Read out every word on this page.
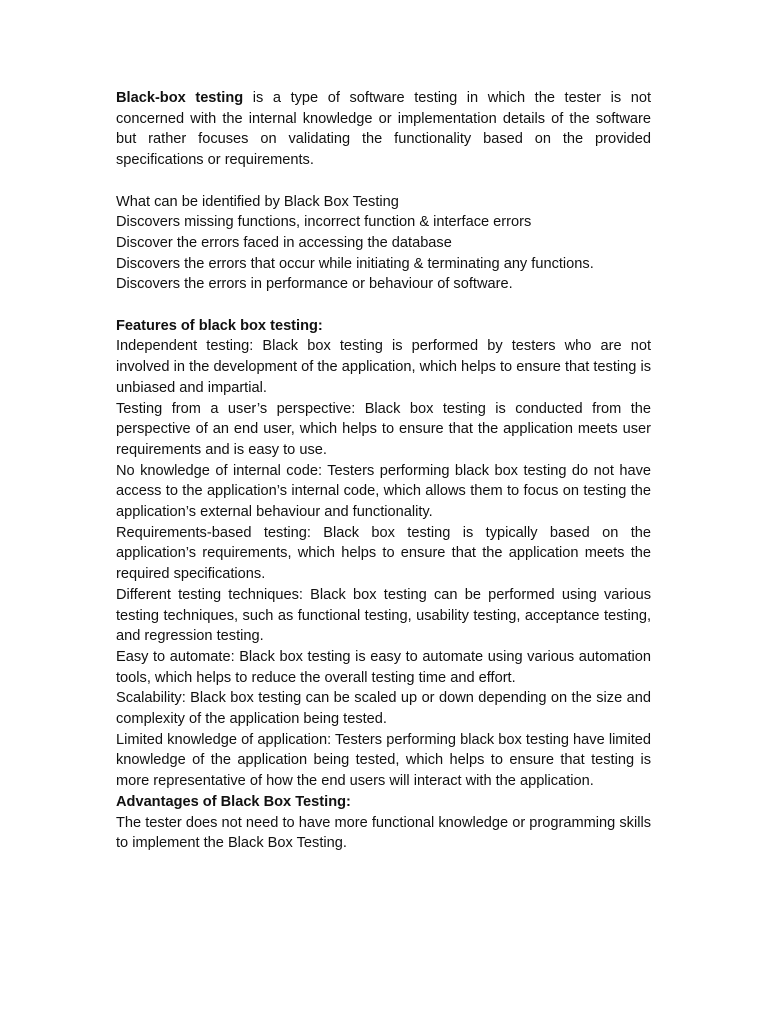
Black-box testing is a type of software testing in which the tester is not concerned with the internal knowledge or implementation details of the software but rather focuses on validating the functionality based on the provided specifications or requirements.

What can be identified by Black Box Testing

Discovers missing functions, incorrect function & interface errors

Discover the errors faced in accessing the database

Discovers the errors that occur while initiating & terminating any functions.

Discovers the errors in performance or behaviour of software.

Features of black box testing:

Independent testing: Black box testing is performed by testers who are not involved in the development of the application, which helps to ensure that testing is unbiased and impartial.

Testing from a user’s perspective: Black box testing is conducted from the perspective of an end user, which helps to ensure that the application meets user requirements and is easy to use.

No knowledge of internal code: Testers performing black box testing do not have access to the application’s internal code, which allows them to focus on testing the application’s external behaviour and functionality.

Requirements-based testing: Black box testing is typically based on the application’s requirements, which helps to ensure that the application meets the required specifications.

Different testing techniques: Black box testing can be performed using various testing techniques, such as functional testing, usability testing, acceptance testing, and regression testing.

Easy to automate: Black box testing is easy to automate using various automation tools, which helps to reduce the overall testing time and effort.

Scalability: Black box testing can be scaled up or down depending on the size and complexity of the application being tested.

Limited knowledge of application: Testers performing black box testing have limited knowledge of the application being tested, which helps to ensure that testing is more representative of how the end users will interact with the application.

Advantages of Black Box Testing:

The tester does not need to have more functional knowledge or programming skills to implement the Black Box Testing.
